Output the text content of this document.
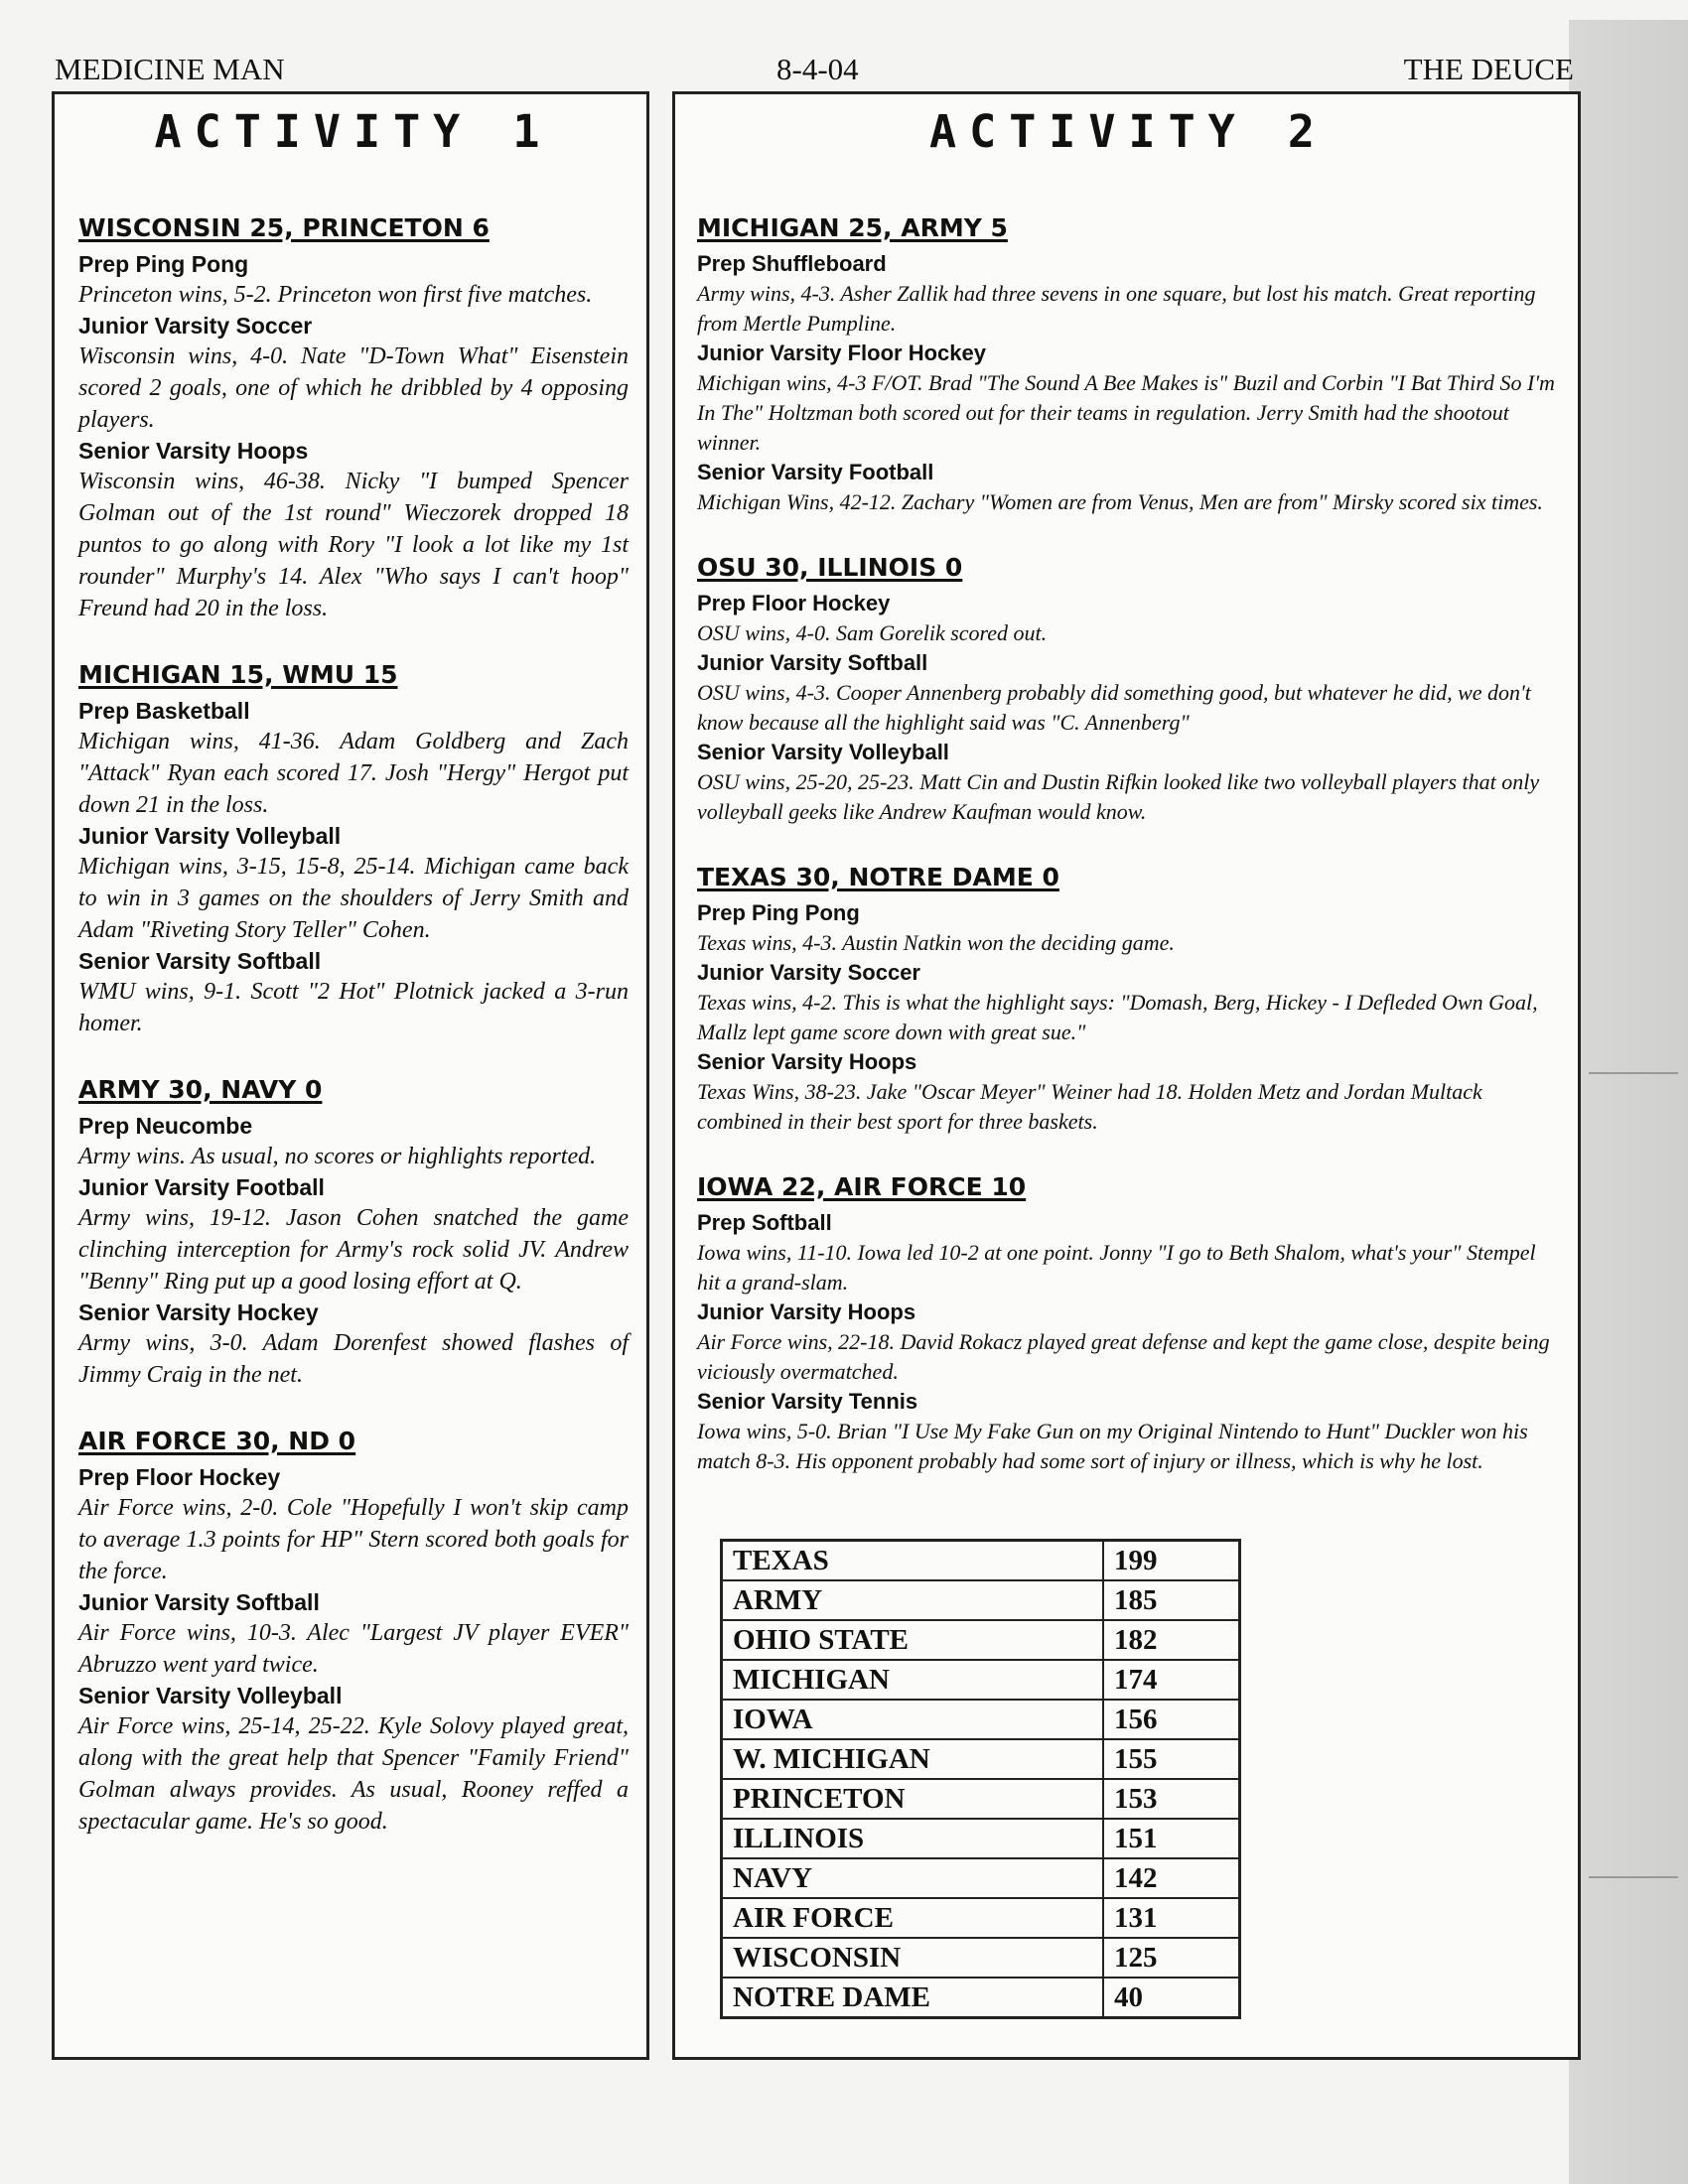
MEDICINE MAN	8-4-04	THE DEUCE
ACTIVITY 1
WISCONSIN 25, PRINCETON 6
Prep Ping Pong
Princeton wins, 5-2. Princeton won first five matches.
Junior Varsity Soccer
Wisconsin wins, 4-0. Nate "D-Town What" Eisenstein scored 2 goals, one of which he dribbled by 4 opposing players.
Senior Varsity Hoops
Wisconsin wins, 46-38. Nicky "I bumped Spencer Golman out of the 1st round" Wieczorek dropped 18 puntos to go along with Rory "I look a lot like my 1st rounder" Murphy's 14. Alex "Who says I can't hoop" Freund had 20 in the loss.
MICHIGAN 15, WMU 15
Prep Basketball
Michigan wins, 41-36. Adam Goldberg and Zach "Attack" Ryan each scored 17. Josh "Hergy" Hergot put down 21 in the loss.
Junior Varsity Volleyball
Michigan wins, 3-15, 15-8, 25-14. Michigan came back to win in 3 games on the shoulders of Jerry Smith and Adam "Riveting Story Teller" Cohen.
Senior Varsity Softball
WMU wins, 9-1. Scott "2 Hot" Plotnick jacked a 3-run homer.
ARMY 30, NAVY 0
Prep Neucombe
Army wins. As usual, no scores or highlights reported.
Junior Varsity Football
Army wins, 19-12. Jason Cohen snatched the game clinching interception for Army's rock solid JV. Andrew "Benny" Ring put up a good losing effort at Q.
Senior Varsity Hockey
Army wins, 3-0. Adam Dorenfest showed flashes of Jimmy Craig in the net.
AIR FORCE 30, ND 0
Prep Floor Hockey
Air Force wins, 2-0. Cole "Hopefully I won't skip camp to average 1.3 points for HP" Stern scored both goals for the force.
Junior Varsity Softball
Air Force wins, 10-3. Alec "Largest JV player EVER" Abruzzo went yard twice.
Senior Varsity Volleyball
Air Force wins, 25-14, 25-22. Kyle Solovy played great, along with the great help that Spencer "Family Friend" Golman always provides. As usual, Rooney reffed a spectacular game. He's so good.
ACTIVITY 2
MICHIGAN 25, ARMY 5
Prep Shuffleboard
Army wins, 4-3. Asher Zallik had three sevens in one square, but lost his match. Great reporting from Mertle Pumpline.
Junior Varsity Floor Hockey
Michigan wins, 4-3 F/OT. Brad "The Sound A Bee Makes is" Buzil and Corbin "I Bat Third So I'm In The" Holtzman both scored out for their teams in regulation. Jerry Smith had the shootout winner.
Senior Varsity Football
Michigan Wins, 42-12. Zachary "Women are from Venus, Men are from" Mirsky scored six times.
OSU 30, ILLINOIS 0
Prep Floor Hockey
OSU wins, 4-0. Sam Gorelik scored out.
Junior Varsity Softball
OSU wins, 4-3. Cooper Annenberg probably did something good, but whatever he did, we don't know because all the highlight said was "C. Annenberg"
Senior Varsity Volleyball
OSU wins, 25-20, 25-23. Matt Cin and Dustin Rifkin looked like two volleyball players that only volleyball geeks like Andrew Kaufman would know.
TEXAS 30, NOTRE DAME 0
Prep Ping Pong
Texas wins, 4-3. Austin Natkin won the deciding game.
Junior Varsity Soccer
Texas wins, 4-2. This is what the highlight says: "Domash, Berg, Hickey - I Defleded Own Goal, Mallz lept game score down with great sue."
Senior Varsity Hoops
Texas Wins, 38-23. Jake "Oscar Meyer" Weiner had 18. Holden Metz and Jordan Multack combined in their best sport for three baskets.
IOWA 22, AIR FORCE 10
Prep Softball
Iowa wins, 11-10. Iowa led 10-2 at one point. Jonny "I go to Beth Shalom, what's your" Stempel hit a grand-slam.
Junior Varsity Hoops
Air Force wins, 22-18. David Rokacz played great defense and kept the game close, despite being viciously overmatched.
Senior Varsity Tennis
Iowa wins, 5-0. Brian "I Use My Fake Gun on my Original Nintendo to Hunt" Duckler won his match 8-3. His opponent probably had some sort of injury or illness, which is why he lost.
TEXAS	199
ARMY	185
OHIO STATE	182
MICHIGAN	174
IOWA	156
W. MICHIGAN	155
PRINCETON	153
ILLINOIS	151
NAVY	142
AIR FORCE	131
WISCONSIN	125
NOTRE DAME	40
